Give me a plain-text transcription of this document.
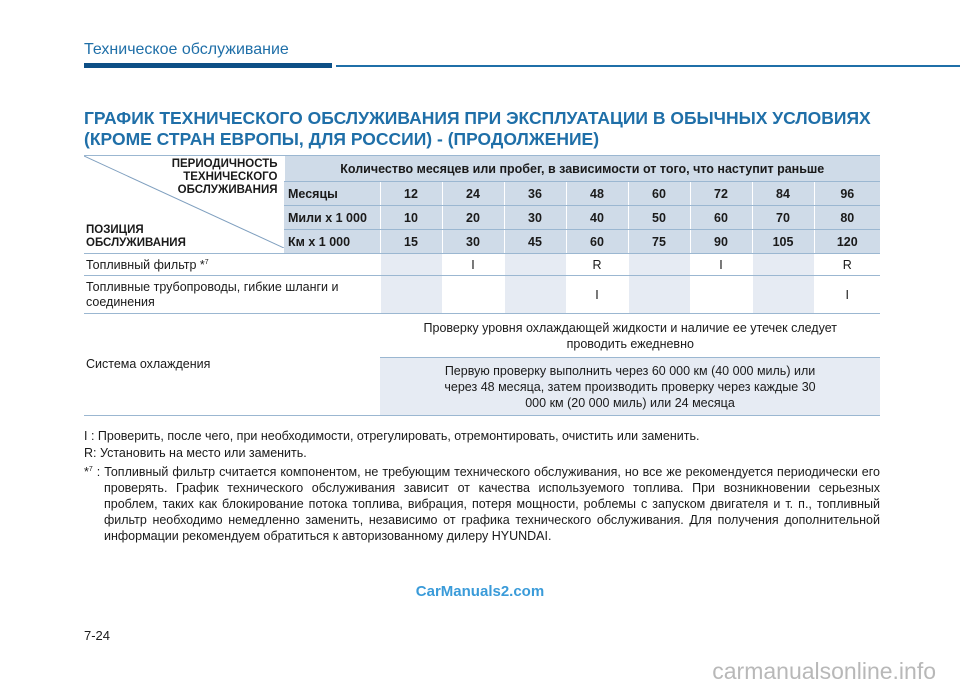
Техническое обслуживание
ГРАФИК ТЕХНИЧЕСКОГО ОБСЛУЖИВАНИЯ ПРИ ЭКСПЛУАТАЦИИ В ОБЫЧНЫХ УСЛОВИЯХ
(КРОМЕ СТРАН ЕВРОПЫ, ДЛЯ РОССИИ) - (ПРОДОЛЖЕНИЕ)
ПЕРИОДИЧНОСТЬ
ТЕХНИЧЕСКОГО
ОБСЛУЖИВАНИЯ
ПОЗИЦИЯ
ОБСЛУЖИВАНИЯ	Количество месяцев или пробег, в зависимости от того, что наступит раньше								
	Месяцы	12	24	36	48	60	72	84	96
	Мили x 1 000	10	20	30	40	50	60	70	80
	Км x 1 000	15	30	45	60	75	90	105	120
Топливный фильтр *$^7$			I		R		I		R
Топливные трубопроводы, гибкие шланги и соединения					I				I
Система охлаждения		Проверку уровня охлаждающей жидкости и наличие ее утечек следует проводить ежедневно							
		Первую проверку выполнить через 60 000 км (40 000 миль) или через 48 месяца, затем производить проверку через каждые 30 000 км (20 000 миль) или 24 месяца							

I : Проверить, после чего, при необходимости, отрегулировать, отремонтировать, очистить или заменить.

R: Установить на место или заменить.

*$^7$ : Топливный фильтр считается компонентом, не требующим технического обслуживания, но все же рекомендуется периодически его проверять. График технического обслуживания зависит от качества используемого топлива. При возникновении серьезных проблем, таких как блокирование потока топлива, вибрация, потеря мощности, роблемы с запуском двигателя и т. п., топливный фильтр необходимо немедленно заменить, независимо от графика технического обслуживания. Для получения дополнительной информации рекомендуем обратиться к авторизованному дилеру HYUNDAI.

CarManuals2.com
7-24
carmanualsonline.info
